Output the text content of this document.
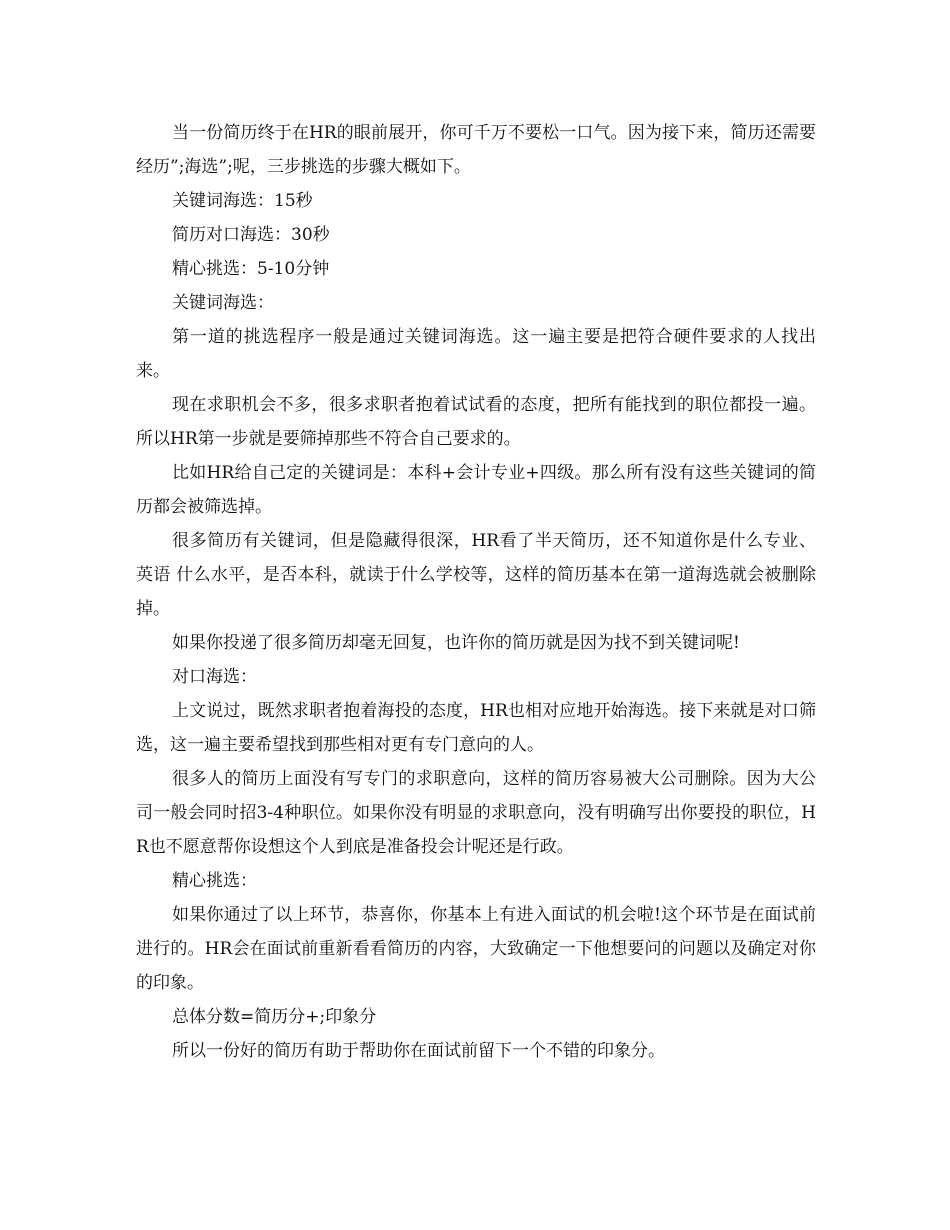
当一份简历终于在HR的眼前展开，你可千万不要松一口气。因为接下来，简历还需要经历”;海选”;呢，三步挑选的步骤大概如下。

关键词海选：15秒

简历对口海选：30秒

精心挑选：5-10分钟

关键词海选：

第一道的挑选程序一般是通过关键词海选。这一遍主要是把符合硬件要求的人找出来。

现在求职机会不多，很多求职者抱着试试看的态度，把所有能找到的职位都投一遍。所以HR第一步就是要筛掉那些不符合自己要求的。

比如HR给自己定的关键词是：本科+会计专业+四级。那么所有没有这些关键词的简历都会被筛选掉。

很多简历有关键词，但是隐藏得很深，HR看了半天简历，还不知道你是什么专业、 英语 什么水平，是否本科，就读于什么学校等，这样的简历基本在第一道海选就会被删除掉。

如果你投递了很多简历却毫无回复，也许你的简历就是因为找不到关键词呢!

对口海选：

上文说过，既然求职者抱着海投的态度，HR也相对应地开始海选。接下来就是对口筛选，这一遍主要希望找到那些相对更有专门意向的人。

很多人的简历上面没有写专门的求职意向，这样的简历容易被大公司删除。因为大公司一般会同时招3-4种职位。如果你没有明显的求职意向，没有明确写出你要投的职位，HR也不愿意帮你设想这个人到底是准备投会计呢还是行政。

精心挑选：

如果你通过了以上环节，恭喜你，你基本上有进入面试的机会啦!这个环节是在面试前进行的。HR会在面试前重新看看简历的内容，大致确定一下他想要问的问题以及确定对你的印象。

总体分数=简历分+;印象分

所以一份好的简历有助于帮助你在面试前留下一个不错的印象分。
